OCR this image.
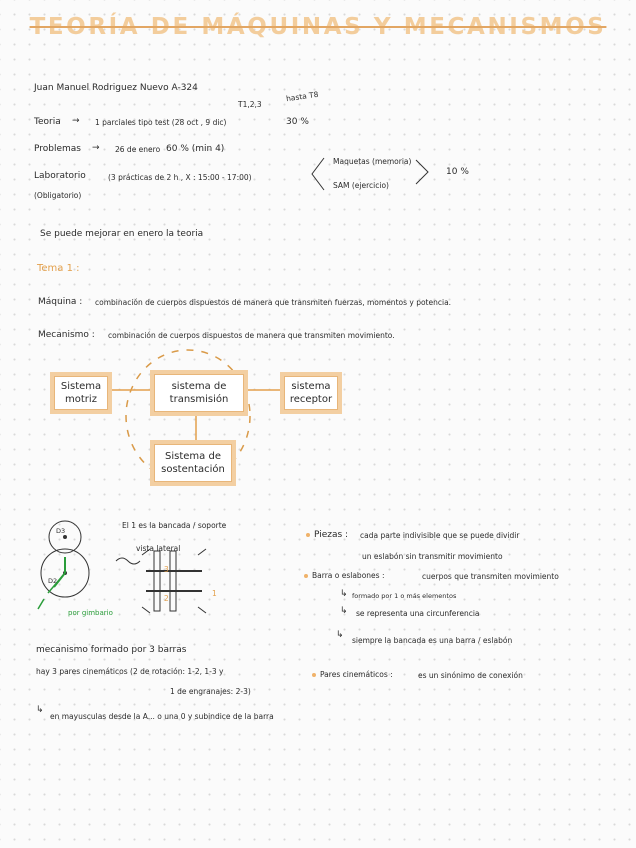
TEORÍA DE MÁQUINAS Y MECANISMOS
Juan Manuel Rodriguez Nuevo A-324
Teoria → 1 parciales tipo test (28 oct , 9 dic)	30 %
T1,2,3
hasta T8
Problemas → 26 de enero 60 % (min 4)
Laboratorio	(3 prácticas de 2 h , X : 15:00 - 17:00)
(Obligatorio)
Maquetas (memoria)
SAM (ejercicio)
10 %
Se puede mejorar en enero la teoria
Tema 1 :
Máquina : combinación de cuerpos dispuestos de manera que transmiten fuerzas, momentos y potencia.
Mecanismo : combinación de cuerpos dispuestos de manera que transmiten movimiento.
Sistema motriz
sistema de transmisión
sistema receptor
Sistema de sostentación
D3
D2
por gimbario
3
2
1
El 1 es la bancada / soporte
vista lateral
mecanismo formado por 3 barras
hay 3 pares cinemáticos (2 de rotación: 1-2, 1-3 y
1 de engranajes: 2-3)
↳
en mayusculas desde la A... o una 0 y subindice de la barra
Piezas : cada parte indivisible que se puede dividir
un eslabón sin transmitir movimiento
Barra o eslabones :	cuerpos que transmiten movimiento
↳ formado por 1 o más elementos
↳ se representa una circunferencia
↳
siempre la bancada es una barra / eslabón
Pares cinemáticos :	es un sinónimo de conexión
